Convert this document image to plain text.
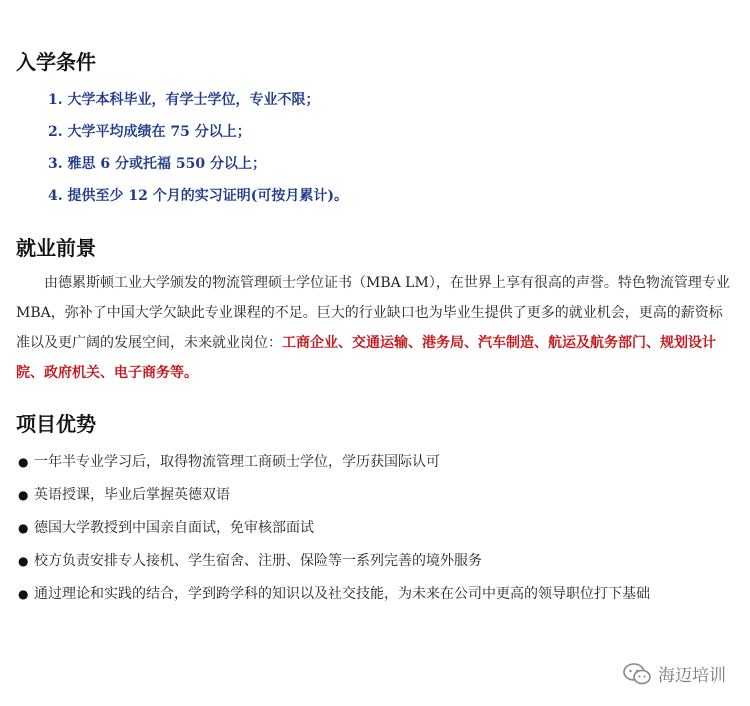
入学条件
1. 大学本科毕业，有学士学位，专业不限；
2. 大学平均成绩在 75 分以上；
3. 雅思 6 分或托福 550 分以上；
4. 提供至少 12 个月的实习证明(可按月累计)。
就业前景

由德累斯顿工业大学颁发的物流管理硕士学位证书（MBA LM），在世界上享有很高的声誉。特色物流管理专业 MBA，弥补了中国大学欠缺此专业课程的不足。巨大的行业缺口也为毕业生提供了更多的就业机会，更高的薪资标准以及更广阔的发展空间，未来就业岗位：工商企业、交通运输、港务局、汽车制造、航运及航务部门、规划设计院、政府机关、电子商务等。

项目优势
● 一年半专业学习后，取得物流管理工商硕士学位，学历获国际认可
● 英语授课，毕业后掌握英德双语
● 德国大学教授到中国亲自面试，免审核部面试
● 校方负责安排专人接机、学生宿舍、注册、保险等一系列完善的境外服务
● 通过理论和实践的结合，学到跨学科的知识以及社交技能，为未来在公司中更高的领导职位打下基础
海迈培训
